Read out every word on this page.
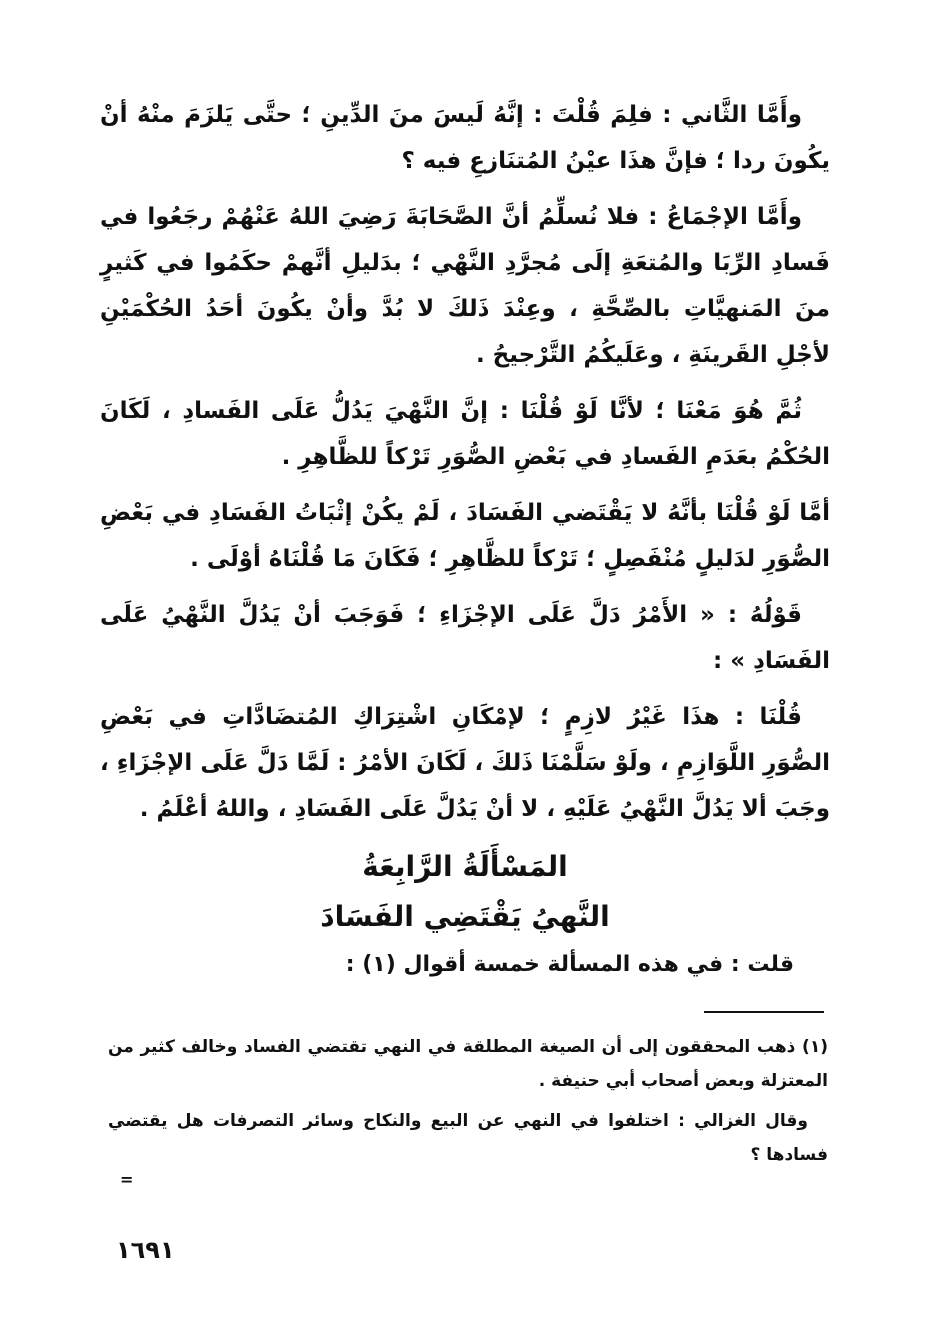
وأَمَّا الثَّاني : فلِمَ قُلْتَ : إنَّهُ لَيسَ منَ الدِّينِ ؛ حتَّى يَلزَمَ منْهُ أنْ يكُونَ ردا ؛ فإنَّ هذَا عيْنُ المُتنَازعِ فيه ؟

وأَمَّا الإجْمَاعُ : فلا نُسلِّمُ أنَّ الصَّحَابَةَ رَضِيَ اللهُ عَنْهُمْ رجَعُوا في فَسادِ الرِّبَا والمُتعَةِ إلَى مُجرَّدِ النَّهْي ؛ بدَليلِ أنَّهمْ حكَمُوا في كَثيرٍ منَ المَنهيَّاتِ بالصِّحَّةِ ، وعِنْدَ ذَلكَ لا بُدَّ وأنْ يكُونَ أحَدُ الحُكْمَيْنِ لأجْلِ القَرينَةِ ، وعَلَيكُمُ التَّرْجيحُ .

ثُمَّ هُوَ مَعْنَا ؛ لأنَّا لَوْ قُلْنَا : إنَّ النَّهْيَ يَدُلُّ عَلَى الفَسادِ ، لَكَانَ الحُكْمُ بعَدَمِ الفَسادِ في بَعْضِ الصُّوَرِ تَرْكاً للظَّاهِرِ .

أمَّا لَوْ قُلْنَا بأنَّهُ لا يَقْتَضي الفَسَادَ ، لَمْ يكُنْ إثْبَاتُ الفَسَادِ في بَعْضِ الصُّوَرِ لدَليلٍ مُنْفَصِلٍ ؛ تَرْكاً للظَّاهِرِ ؛ فَكَانَ مَا قُلْنَاهُ أوْلَى .

قَوْلُهُ : « الأَمْرُ دَلَّ عَلَى الإجْزَاءِ ؛ فَوَجَبَ أنْ يَدُلَّ النَّهْيُ عَلَى الفَسَادِ » :

قُلْنَا : هذَا غَيْرُ لازِمٍ ؛ لإمْكَانِ اشْتِرَاكِ المُتضَادَّاتِ في بَعْضِ الصُّوَرِ اللَّوَازِمِ ، ولَوْ سَلَّمْنَا ذَلكَ ، لَكَانَ الأمْرُ : لَمَّا دَلَّ عَلَى الإجْزَاءِ ، وجَبَ ألا يَدُلَّ النَّهْيُ عَلَيْهِ ، لا أنْ يَدُلَّ عَلَى الفَسَادِ ، واللهُ أعْلَمُ .

المَسْأَلَةُ الرَّابِعَةُ

النَّهيُ يَقْتَضِي الفَسَادَ

قلت : في هذه المسألة خمسة أقوال (١) :

(١) ذهب المحققون إلى أن الصيغة المطلقة في النهي تقتضي الفساد وخالف كثير من المعتزلة وبعض أصحاب أبي حنيفة .

وقال الغزالي : اختلفوا في النهي عن البيع والنكاح وسائر التصرفات هل يقتضي فسادها ؟

=
١٦٩١
